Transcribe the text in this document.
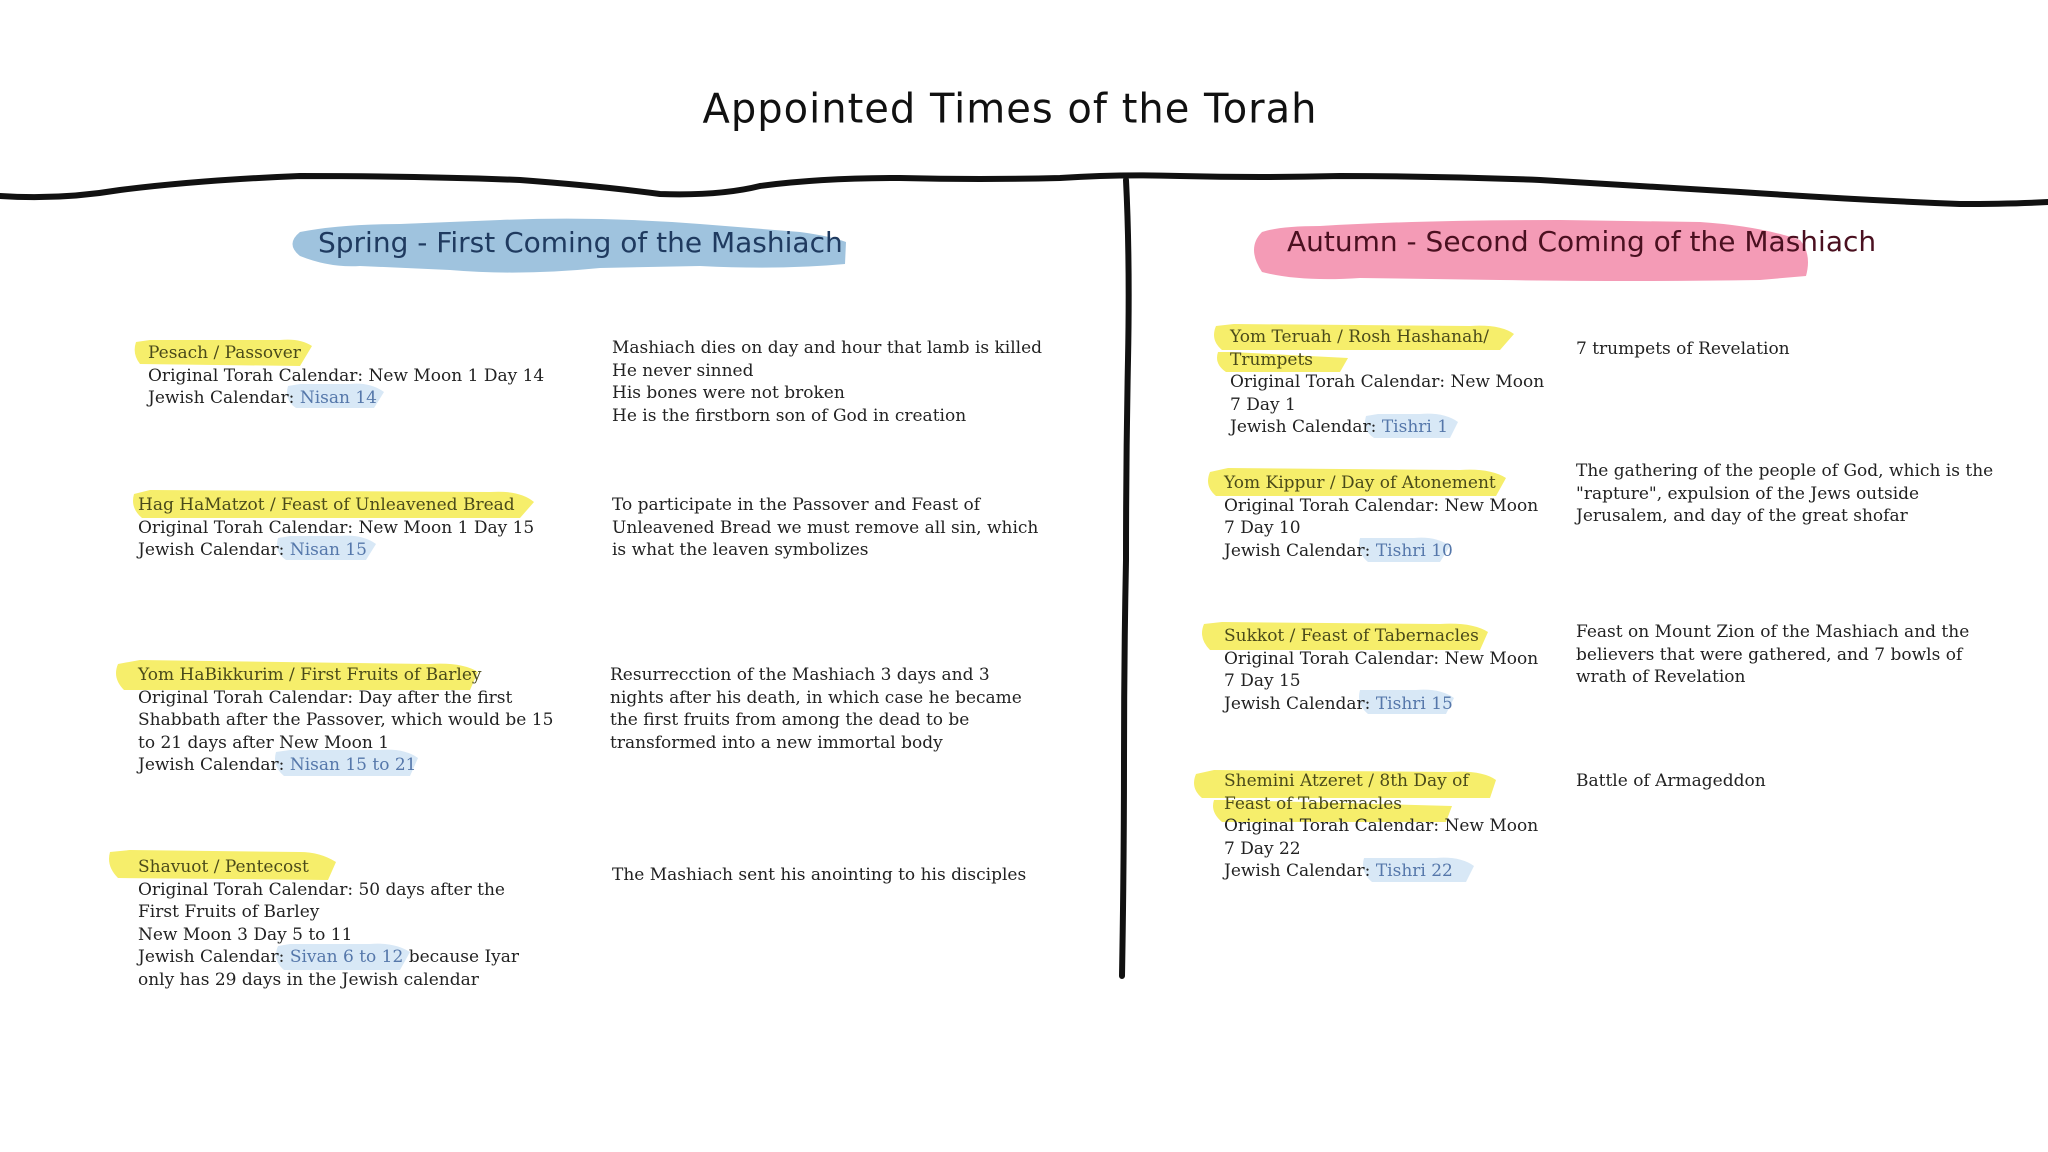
Appointed Times of the Torah
Spring - First Coming of the Mashiach	Autumn - Second Coming of the Mashiach
Pesach / Passover
Original Torah Calendar: New Moon 1 Day 14
Jewish Calendar: Nisan 14
Hag HaMatzot / Feast of Unleavened Bread
Original Torah Calendar: New Moon 1 Day 15
Jewish Calendar: Nisan 15
Yom HaBikkurim / First Fruits of Barley
Original Torah Calendar: Day after the first
Shabbath after the Passover, which would be 15
to 21 days after New Moon 1
Jewish Calendar: Nisan 15 to 21
Shavuot / Pentecost
Original Torah Calendar: 50 days after the
First Fruits of Barley
New Moon 3 Day 5 to 11
Jewish Calendar: Sivan 6 to 12 because Iyar
only has 29 days in the Jewish calendar
Mashiach dies on day and hour that lamb is killed
He never sinned
His bones were not broken
He is the firstborn son of God in creation
To participate in the Passover and Feast of
Unleavened Bread we must remove all sin, which
is what the leaven symbolizes
Resurrecction of the Mashiach 3 days and 3
nights after his death, in which case he became
the first fruits from among the dead to be
transformed into a new immortal body
The Mashiach sent his anointing to his disciples
Yom Teruah / Rosh Hashanah/
Trumpets
Original Torah Calendar: New Moon
7 Day 1
Jewish Calendar: Tishri 1
Yom Kippur / Day of Atonement
Original Torah Calendar: New Moon
7 Day 10
Jewish Calendar: Tishri 10
Sukkot / Feast of Tabernacles
Original Torah Calendar: New Moon
7 Day 15
Jewish Calendar: Tishri 15
Shemini Atzeret / 8th Day of
Feast of Tabernacles
Original Torah Calendar: New Moon
7 Day 22
Jewish Calendar: Tishri 22
7 trumpets of Revelation
The gathering of the people of God, which is the
"rapture", expulsion of the Jews outside
Jerusalem, and day of the great shofar
Feast on Mount Zion of the Mashiach and the
believers that were gathered, and 7 bowls of
wrath of Revelation
Battle of Armageddon
